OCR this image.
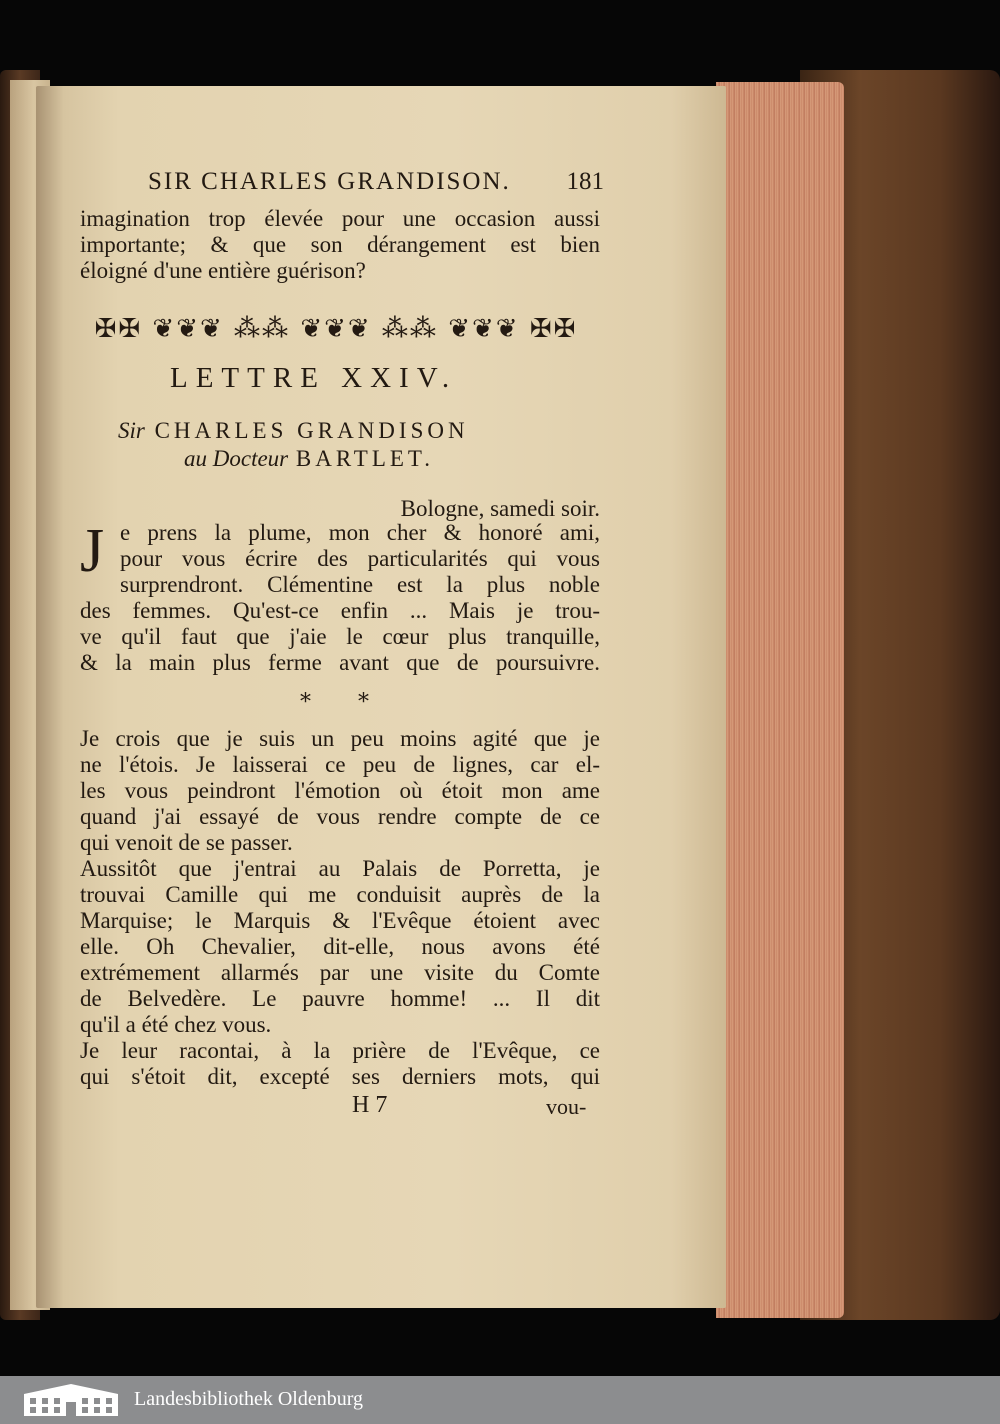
SIR CHARLES GRANDISON. 181
imagination trop élevée pour une occasion aussi
importante; & que son dérangement est bien
éloigné d'une entière guérison?
✠✠ ❦❦❦ ⁂⁂ ❦❦❦ ⁂⁂ ❦❦❦ ✠✠
LETTRE XXIV.
Sir CHARLES GRANDISON
au Docteur BARTLET.
Bologne, samedi soir.
J e prens la plume, mon cher & honoré ami,
pour vous écrire des particularités qui vous
surprendront. Clémentine est la plus noble
des femmes. Qu'est-ce enfin ... Mais je trou-
ve qu'il faut que j'aie le cœur plus tranquille,
& la main plus ferme avant que de poursuivre.
* *
Je crois que je suis un peu moins agité que je
ne l'étois. Je laisserai ce peu de lignes, car el-
les vous peindront l'émotion où étoit mon ame
quand j'ai essayé de vous rendre compte de ce
qui venoit de se passer.
Aussitôt que j'entrai au Palais de Porretta, je
trouvai Camille qui me conduisit auprès de la
Marquise; le Marquis & l'Evêque étoient avec
elle. Oh Chevalier, dit-elle, nous avons été
extrémement allarmés par une visite du Comte
de Belvedère. Le pauvre homme! ... Il dit
qu'il a été chez vous.
Je leur racontai, à la prière de l'Evêque, ce
qui s'étoit dit, excepté ses derniers mots, qui
H 7	vou-
Landesbibliothek Oldenburg
